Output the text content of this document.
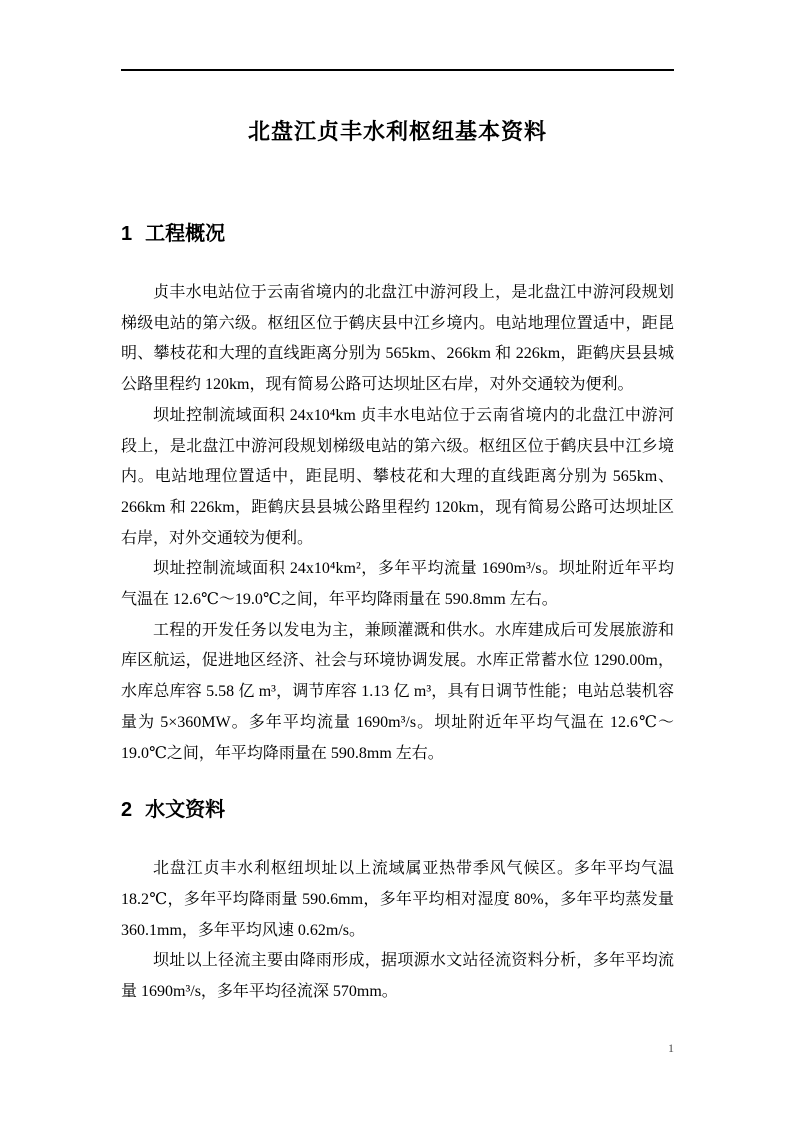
北盘江贞丰水利枢纽基本资料
1 工程概况

贞丰水电站位于云南省境内的北盘江中游河段上，是北盘江中游河段规划梯级电站的第六级。枢纽区位于鹤庆县中江乡境内。电站地理位置适中，距昆明、攀枝花和大理的直线距离分别为 565km、266km 和 226km，距鹤庆县县城公路里程约 120km，现有简易公路可达坝址区右岸，对外交通较为便利。

坝址控制流域面积 24x10⁴km 贞丰水电站位于云南省境内的北盘江中游河段上，是北盘江中游河段规划梯级电站的第六级。枢纽区位于鹤庆县中江乡境内。电站地理位置适中，距昆明、攀枝花和大理的直线距离分别为 565km、266km 和 226km，距鹤庆县县城公路里程约 120km，现有简易公路可达坝址区右岸，对外交通较为便利。

坝址控制流域面积 24x10⁴km²，多年平均流量 1690m³/s。坝址附近年平均气温在 12.6℃～19.0℃之间，年平均降雨量在 590.8mm 左右。

工程的开发任务以发电为主，兼顾灌溉和供水。水库建成后可发展旅游和库区航运，促进地区经济、社会与环境协调发展。水库正常蓄水位 1290.00m，水库总库容 5.58 亿 m³，调节库容 1.13 亿 m³，具有日调节性能；电站总装机容量为 5×360MW。多年平均流量 1690m³/s。坝址附近年平均气温在 12.6℃～19.0℃之间，年平均降雨量在 590.8mm 左右。

2 水文资料

北盘江贞丰水利枢纽坝址以上流域属亚热带季风气候区。多年平均气温 18.2℃，多年平均降雨量 590.6mm，多年平均相对湿度 80%，多年平均蒸发量 360.1mm，多年平均风速 0.62m/s。

坝址以上径流主要由降雨形成，据项源水文站径流资料分析，多年平均流量 1690m³/s，多年平均径流深 570mm。

1
